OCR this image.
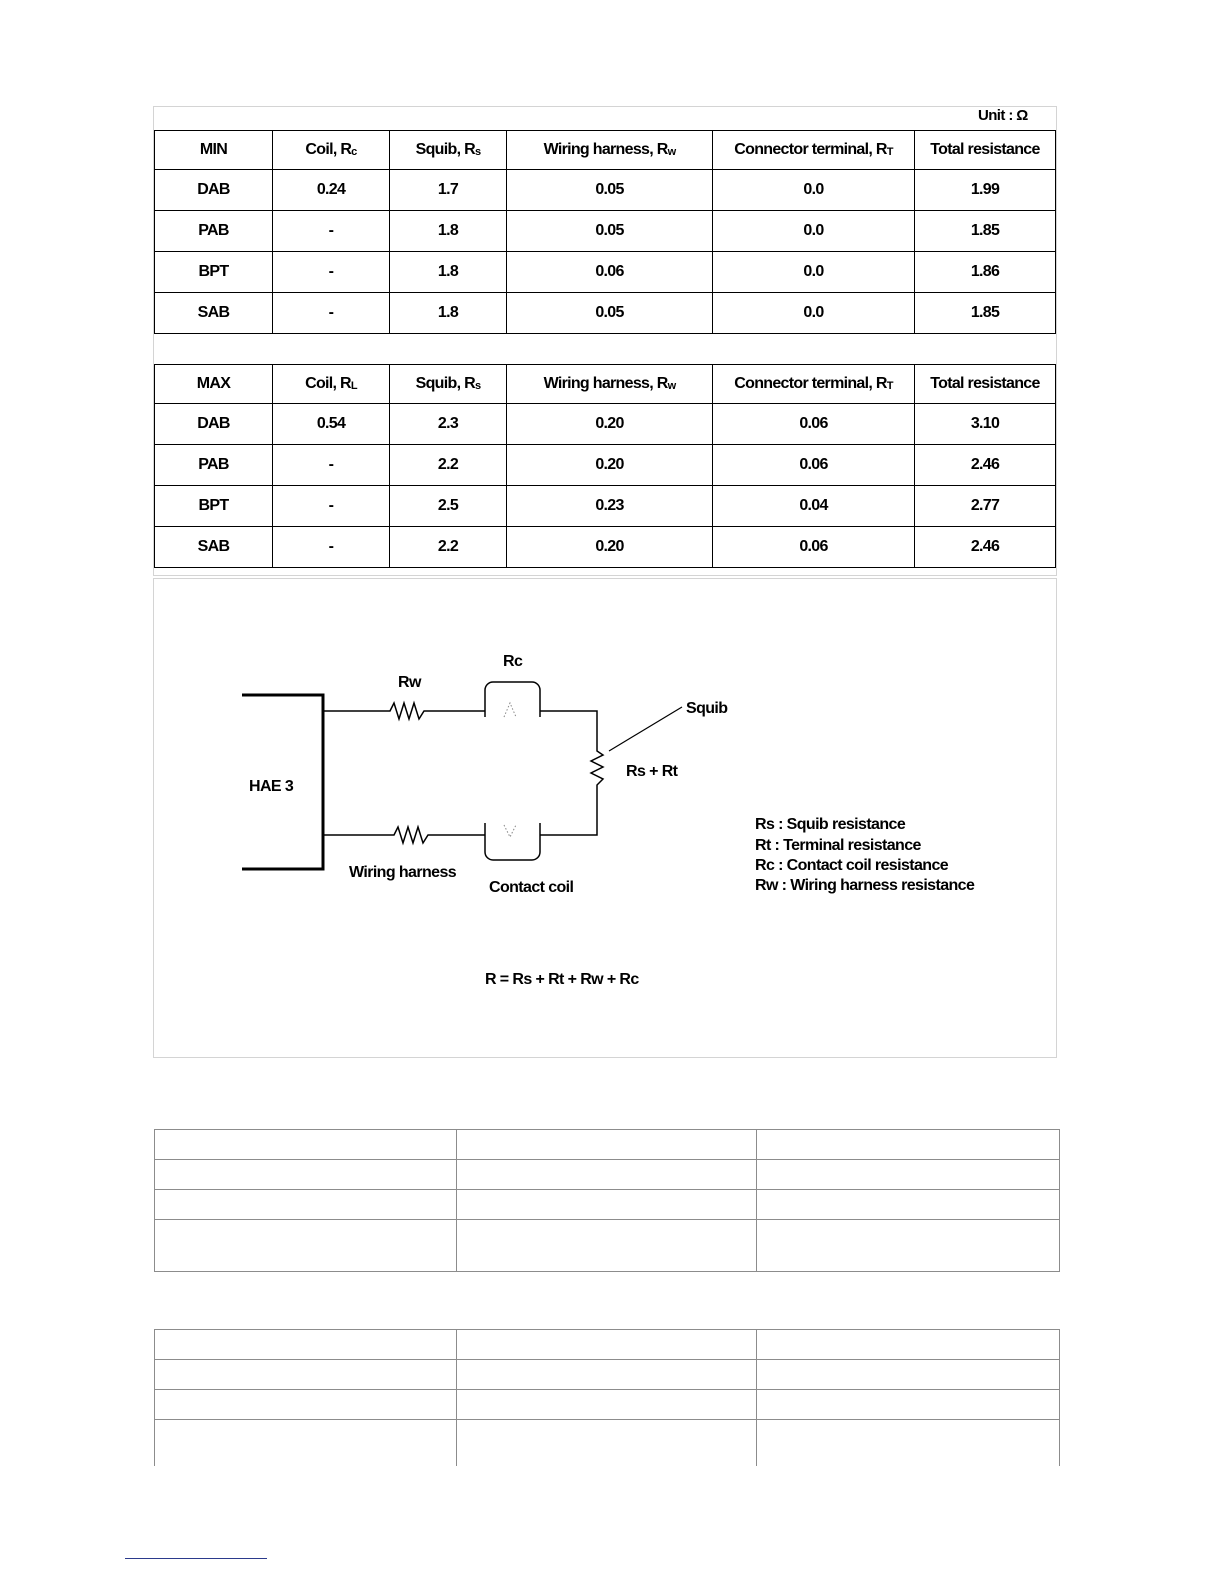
Unit : Ω
MIN	Coil, $R_c$	Squib, $R_s$	Wiring harness, $R_w$	Connector terminal, $R_T$	Total resistance
DAB	0.24	1.7	0.05	0.0	1.99
PAB	-	1.8	0.05	0.0	1.85
BPT	-	1.8	0.06	0.0	1.86
SAB	-	1.8	0.05	0.0	1.85
MAX	Coil, $R_L$	Squib, $R_s$	Wiring harness, $R_w$	Connector terminal, $R_T$	Total resistance
DAB	0.54	2.3	0.20	0.06	3.10
PAB	-	2.2	0.20	0.06	2.46
BPT	-	2.5	0.23	0.04	2.77
SAB	-	2.2	0.20	0.06	2.46
HAE 3
Rw
Rc
Squib
Rs + Rt
Wiring harness
Contact coil
Rs : Squib resistance
Rt : Terminal resistance
Rc : Contact coil resistance
Rw : Wiring harness resistance
R = Rs + Rt + Rw + Rc
